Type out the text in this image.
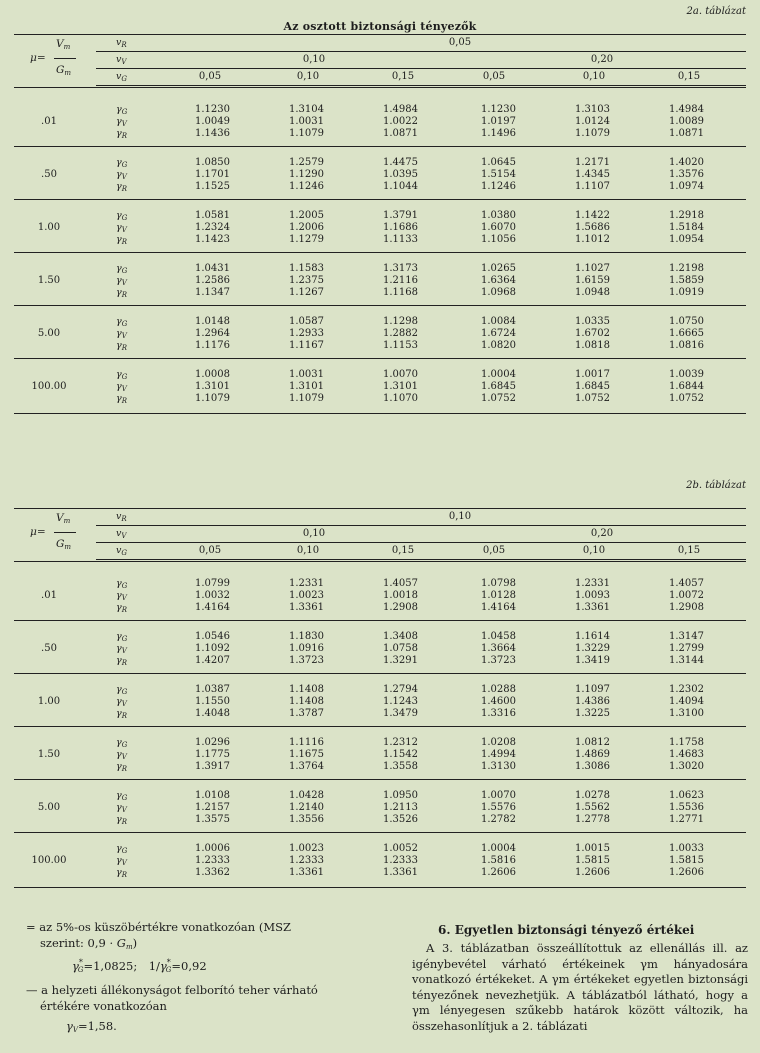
2a. táblázat
Az osztott biztonsági tényezők
$v_R$	0,05
$v_V$	0,10	0,20
$v_G$	0,05	0,10	0,15	0,05	0,10	0,15
$V_m$
μ=
$G_m$
.01
$\gamma_G$	1.1230	1.3104	1.4984	1.1230	1.3103	1.4984
$\gamma_V$	1.0049	1.0031	1.0022	1.0197	1.0124	1.0089
$\gamma_R$	1.1436	1.1079	1.0871	1.1496	1.1079	1.0871
.50
$\gamma_G$	1.0850	1.2579	1.4475	1.0645	1.2171	1.4020
$\gamma_V$	1.1701	1.1290	1.0395	1.5154	1.4345	1.3576
$\gamma_R$	1.1525	1.1246	1.1044	1.1246	1.1107	1.0974
1.00
$\gamma_G$	1.0581	1.2005	1.3791	1.0380	1.1422	1.2918
$\gamma_V$	1.2324	1.2006	1.1686	1.6070	1.5686	1.5184
$\gamma_R$	1.1423	1.1279	1.1133	1.1056	1.1012	1.0954
1.50
$\gamma_G$	1.0431	1.1583	1.3173	1.0265	1.1027	1.2198
$\gamma_V$	1.2586	1.2375	1.2116	1.6364	1.6159	1.5859
$\gamma_R$	1.1347	1.1267	1.1168	1.0968	1.0948	1.0919
5.00
$\gamma_G$	1.0148	1.0587	1.1298	1.0084	1.0335	1.0750
$\gamma_V$	1.2964	1.2933	1.2882	1.6724	1.6702	1.6665
$\gamma_R$	1.1176	1.1167	1.1153	1.0820	1.0818	1.0816
100.00
$\gamma_G$	1.0008	1.0031	1.0070	1.0004	1.0017	1.0039
$\gamma_V$	1.3101	1.3101	1.3101	1.6845	1.6845	1.6844
$\gamma_R$	1.1079	1.1079	1.1070	1.0752	1.0752	1.0752
2b. táblázat
$v_R$	0,10
$v_V$	0,10	0,20
$v_G$	0,05	0,10	0,15	0,05	0,10	0,15
$V_m$
μ=
$G_m$
.01
$\gamma_G$	1.0799	1.2331	1.4057	1.0798	1.2331	1.4057
$\gamma_V$	1.0032	1.0023	1.0018	1.0128	1.0093	1.0072
$\gamma_R$	1.4164	1.3361	1.2908	1.4164	1.3361	1.2908
.50
$\gamma_G$	1.0546	1.1830	1.3408	1.0458	1.1614	1.3147
$\gamma_V$	1.1092	1.0916	1.0758	1.3664	1.3229	1.2799
$\gamma_R$	1.4207	1.3723	1.3291	1.3723	1.3419	1.3144
1.00
$\gamma_G$	1.0387	1.1408	1.2794	1.0288	1.1097	1.2302
$\gamma_V$	1.1550	1.1408	1.1243	1.4600	1.4386	1.4094
$\gamma_R$	1.4048	1.3787	1.3479	1.3316	1.3225	1.3100
1.50
$\gamma_G$	1.0296	1.1116	1.2312	1.0208	1.0812	1.1758
$\gamma_V$	1.1775	1.1675	1.1542	1.4994	1.4869	1.4683
$\gamma_R$	1.3917	1.3764	1.3558	1.3130	1.3086	1.3020
5.00
$\gamma_G$	1.0108	1.0428	1.0950	1.0070	1.0278	1.0623
$\gamma_V$	1.2157	1.2140	1.2113	1.5576	1.5562	1.5536
$\gamma_R$	1.3575	1.3556	1.3526	1.2782	1.2778	1.2771
100.00
$\gamma_G$	1.0006	1.0023	1.0052	1.0004	1.0015	1.0033
$\gamma_V$	1.2333	1.2333	1.2333	1.5816	1.5815	1.5815
$\gamma_R$	1.3362	1.3361	1.3361	1.2606	1.2606	1.2606
= az 5%-os küszöbértékre vonatkozóan (MSZ
szerint: $0,9 \cdot G_m$)
$\gamma^*_G=1,0825$;  $1/\gamma^*_G=0,92$
— a helyzeti állékonyságot felborító teher várható
értékére vonatkozóan
$\gamma_V=1,58$.
6. Egyetlen biztonsági tényező értékei
A 3. táblázatban összeállítottuk az ellenállás ill. az igénybevétel várható értékeinek γm hányadosára vonatkozó értékeket. A γm értékeket egyetlen biztonsági tényezőnek nevezhetjük. A táblázatból látható, hogy a γm lényegesen szűkebb határok között változik, ha összehasonlítjuk a 2. táblázati
